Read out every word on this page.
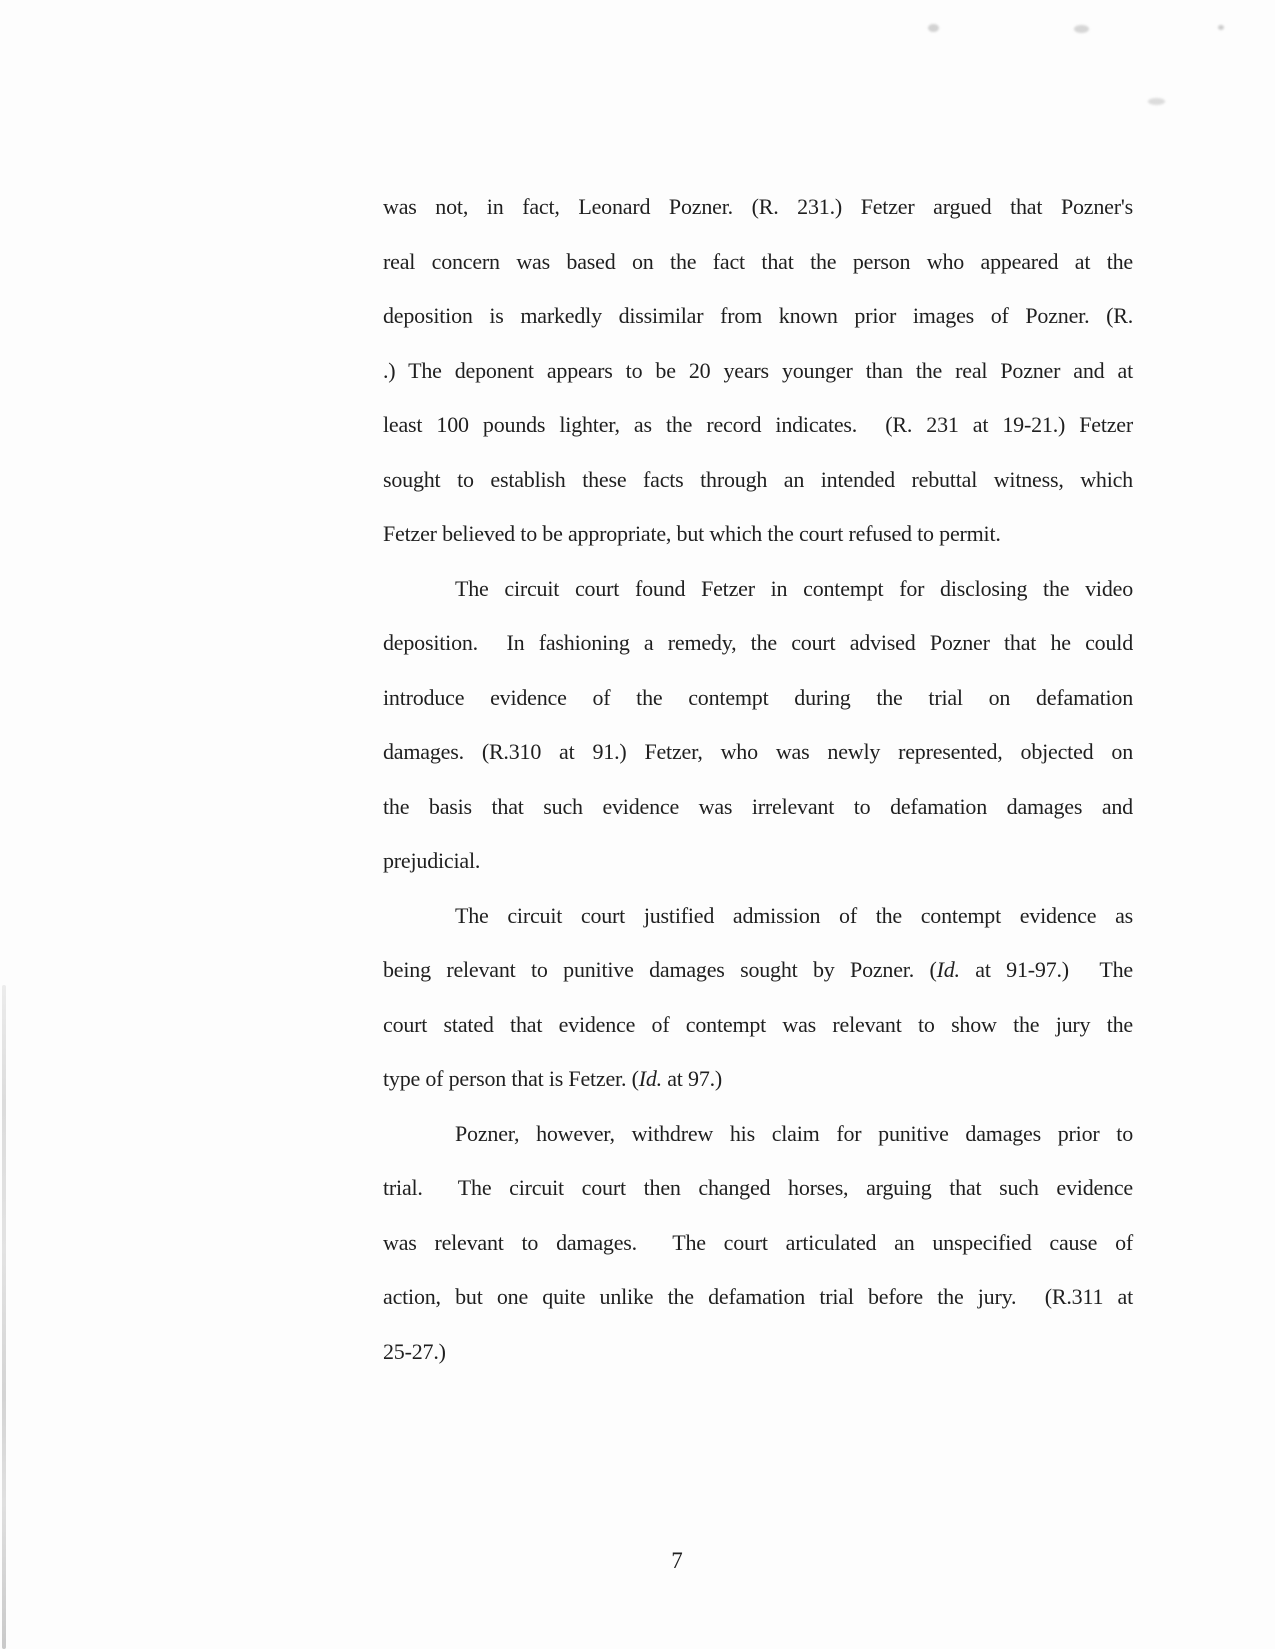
was not, in fact, Leonard Pozner. (R. 231.) Fetzer argued that Pozner's
real concern was based on the fact that the person who appeared at the
deposition is markedly dissimilar from known prior images of Pozner. (R.
.) The deponent appears to be 20 years younger than the real Pozner and at
least 100 pounds lighter, as the record indicates.  (R. 231 at 19-21.) Fetzer
sought to establish these facts through an intended rebuttal witness, which
Fetzer believed to be appropriate, but which the court refused to permit.
The circuit court found Fetzer in contempt for disclosing the video
deposition.  In fashioning a remedy, the court advised Pozner that he could
introduce evidence of the contempt during the trial on defamation
damages. (R.310 at 91.) Fetzer, who was newly represented, objected on
the basis that such evidence was irrelevant to defamation damages and
prejudicial.
The circuit court justified admission of the contempt evidence as
being relevant to punitive damages sought by Pozner. (Id. at 91-97.)  The
court stated that evidence of contempt was relevant to show the jury the
type of person that is Fetzer. (Id. at 97.)
Pozner, however, withdrew his claim for punitive damages prior to
trial.  The circuit court then changed horses, arguing that such evidence
was relevant to damages.  The court articulated an unspecified cause of
action, but one quite unlike the defamation trial before the jury.  (R.311 at
25-27.)
7
